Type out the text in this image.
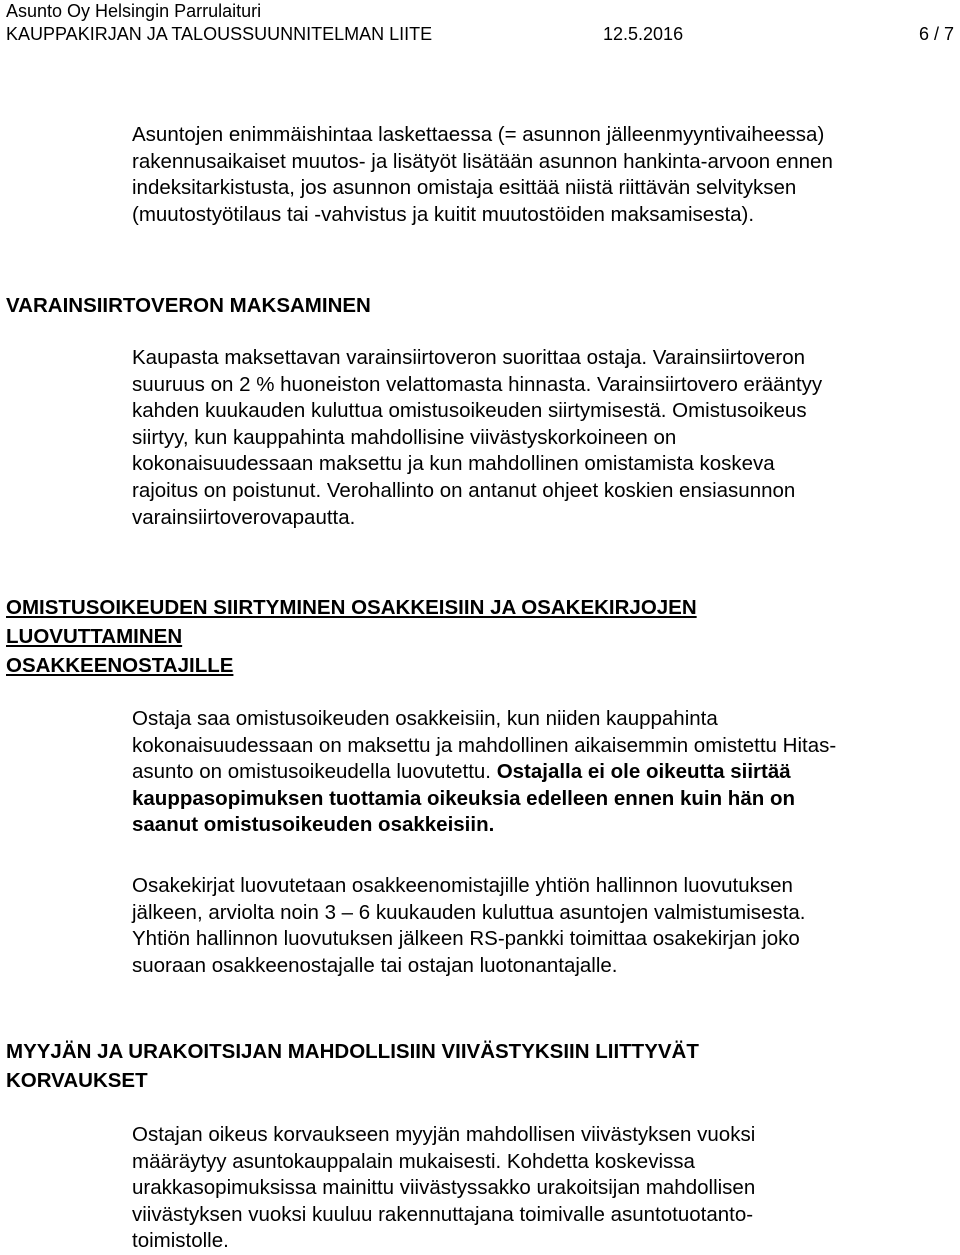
Asunto Oy Helsingin Parrulaituri
KAUPPAKIRJAN JA TALOUSSUUNNITELMAN LIITE	12.5.2016	6 / 7
Asuntojen enimmäishintaa laskettaessa (= asunnon jälleenmyyntivaiheessa)
rakennusaikaiset muutos- ja lisätyöt lisätään asunnon hankinta-arvoon ennen
indeksitarkistusta, jos asunnon omistaja esittää niistä riittävän selvityksen
(muutostyötilaus tai -vahvistus ja kuitit muutostöiden maksamisesta).
VARAINSIIRTOVERON MAKSAMINEN
Kaupasta maksettavan varainsiirtoveron suorittaa ostaja. Varainsiirtoveron
suuruus on 2 % huoneiston velattomasta hinnasta. Varainsiirtovero erääntyy
kahden kuukauden kuluttua omistusoikeuden siirtymisestä. Omistusoikeus
siirtyy, kun kauppahinta mahdollisine viivästyskorkoineen on
kokonaisuudessaan maksettu ja kun mahdollinen omistamista koskeva
rajoitus on poistunut. Verohallinto on antanut ohjeet koskien ensiasunnon
varainsiirtoverovapautta.
OMISTUSOIKEUDEN SIIRTYMINEN OSAKKEISIIN JA OSAKEKIRJOJEN
LUOVUTTAMINEN
OSAKKEENOSTAJILLE
Ostaja saa omistusoikeuden osakkeisiin, kun niiden kauppahinta
kokonaisuudessaan on maksettu ja mahdollinen aikaisemmin omistettu Hitas-
asunto on omistusoikeudella luovutettu. Ostajalla ei ole oikeutta siirtää
kauppasopimuksen tuottamia oikeuksia edelleen ennen kuin hän on
saanut omistusoikeuden osakkeisiin.
Osakekirjat luovutetaan osakkeenomistajille yhtiön hallinnon luovutuksen
jälkeen, arviolta noin 3 – 6 kuukauden kuluttua asuntojen valmistumisesta.
Yhtiön hallinnon luovutuksen jälkeen RS-pankki toimittaa osakekirjan joko
suoraan osakkeenostajalle tai ostajan luotonantajalle.
MYYJÄN JA URAKOITSIJAN MAHDOLLISIIN VIIVÄSTYKSIIN LIITTYVÄT
KORVAUKSET
Ostajan oikeus korvaukseen myyjän mahdollisen viivästyksen vuoksi
määräytyy asuntokauppalain mukaisesti. Kohdetta koskevissa
urakkasopimuksissa mainittu viivästyssakko urakoitsijan mahdollisen
viivästyksen vuoksi kuuluu rakennuttajana toimivalle asuntotuotanto-
toimistolle.
